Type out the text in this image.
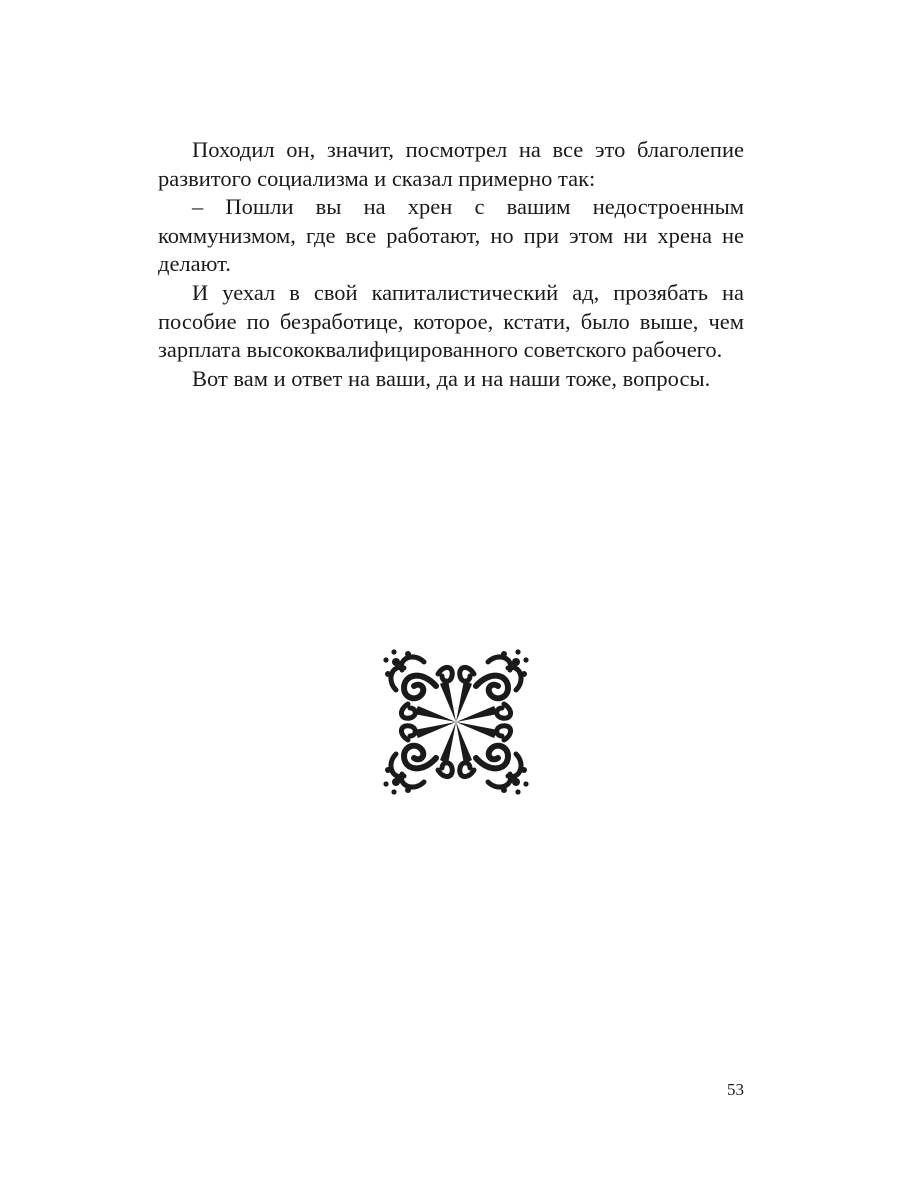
Походил он, значит, посмотрел на все это благолепие развитого социализма и сказал примерно так:

– Пошли вы на хрен с вашим недостроенным коммунизмом, где все работают, но при этом ни хрена не делают.

И уехал в свой капиталистический ад, прозябать на пособие по безработице, которое, кстати, было выше, чем зарплата высококвалифицированного советского рабочего.

Вот вам и ответ на ваши, да и на наши тоже, вопросы.

53
